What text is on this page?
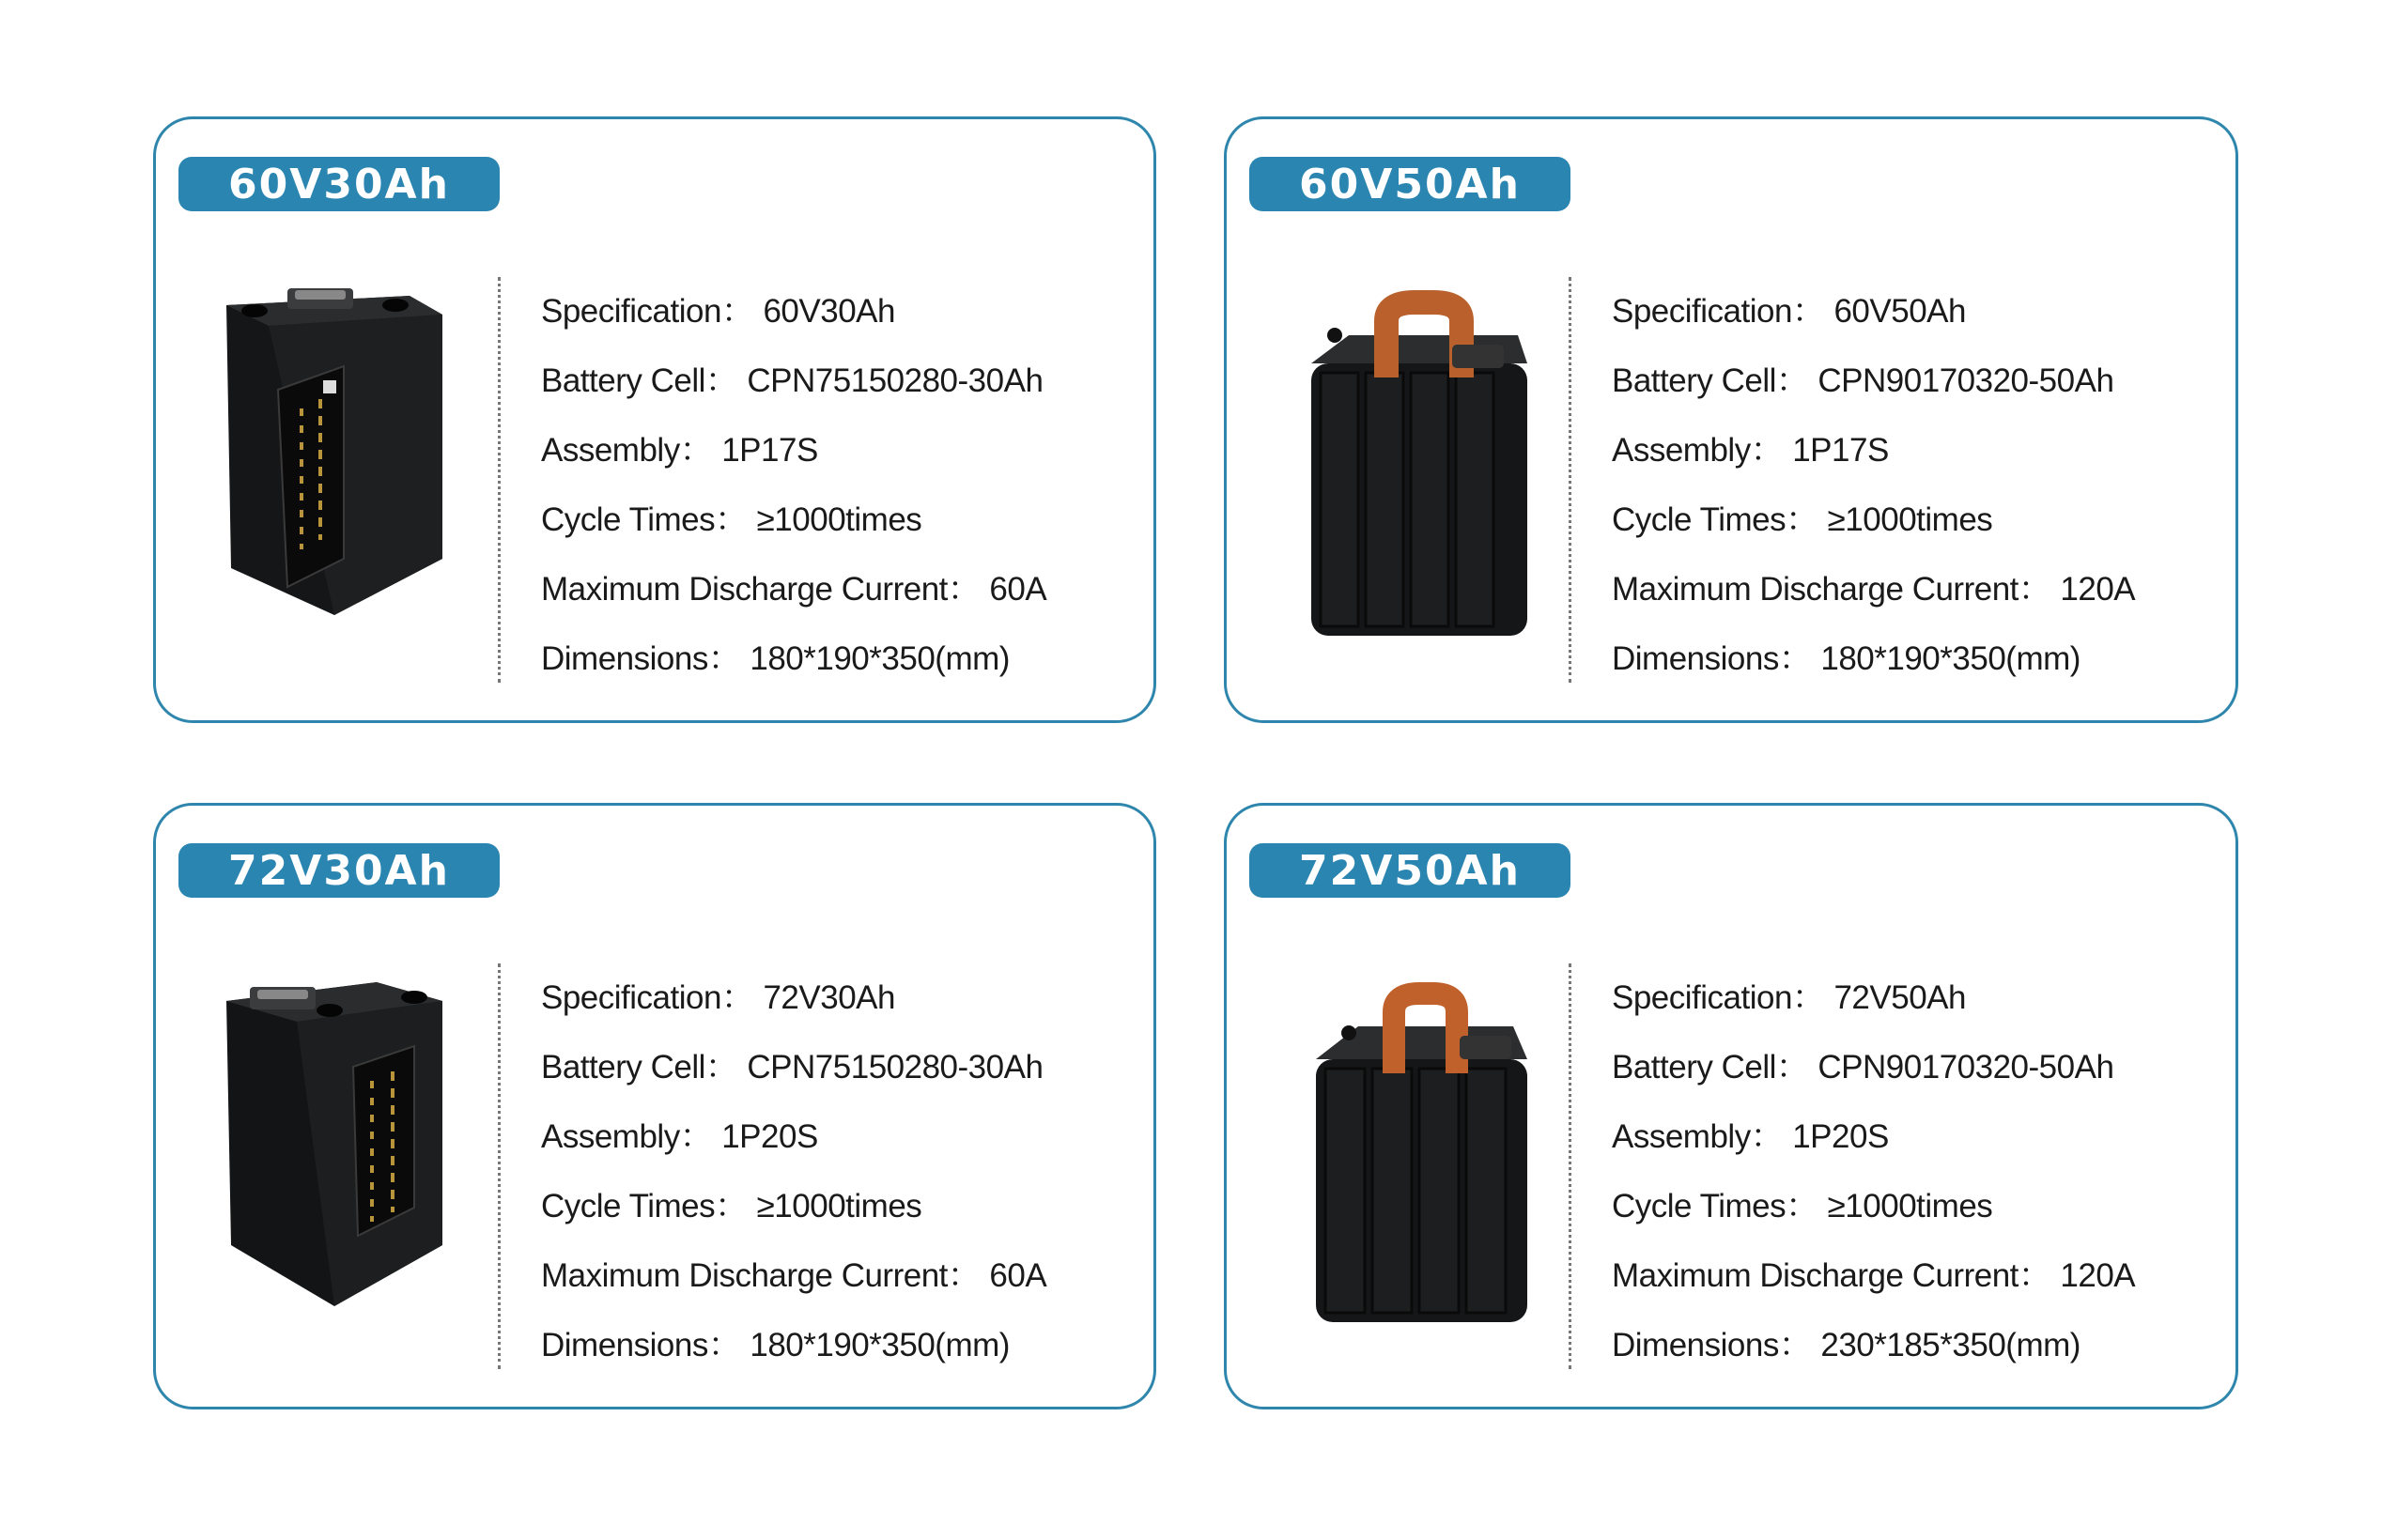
60V30Ah
Specification： 60V30Ah
Battery Cell： CPN75150280-30Ah
Assembly： 1P17S
Cycle Times： ≥1000times
Maximum Discharge Current： 60A
Dimensions： 180*190*350(mm)
60V50Ah
Specification： 60V50Ah
Battery Cell： CPN90170320-50Ah
Assembly： 1P17S
Cycle Times： ≥1000times
Maximum Discharge Current： 120A
Dimensions： 180*190*350(mm)
72V30Ah
Specification： 72V30Ah
Battery Cell： CPN75150280-30Ah
Assembly： 1P20S
Cycle Times： ≥1000times
Maximum Discharge Current： 60A
Dimensions： 180*190*350(mm)
72V50Ah
Specification： 72V50Ah
Battery Cell： CPN90170320-50Ah
Assembly： 1P20S
Cycle Times： ≥1000times
Maximum Discharge Current： 120A
Dimensions： 230*185*350(mm)
